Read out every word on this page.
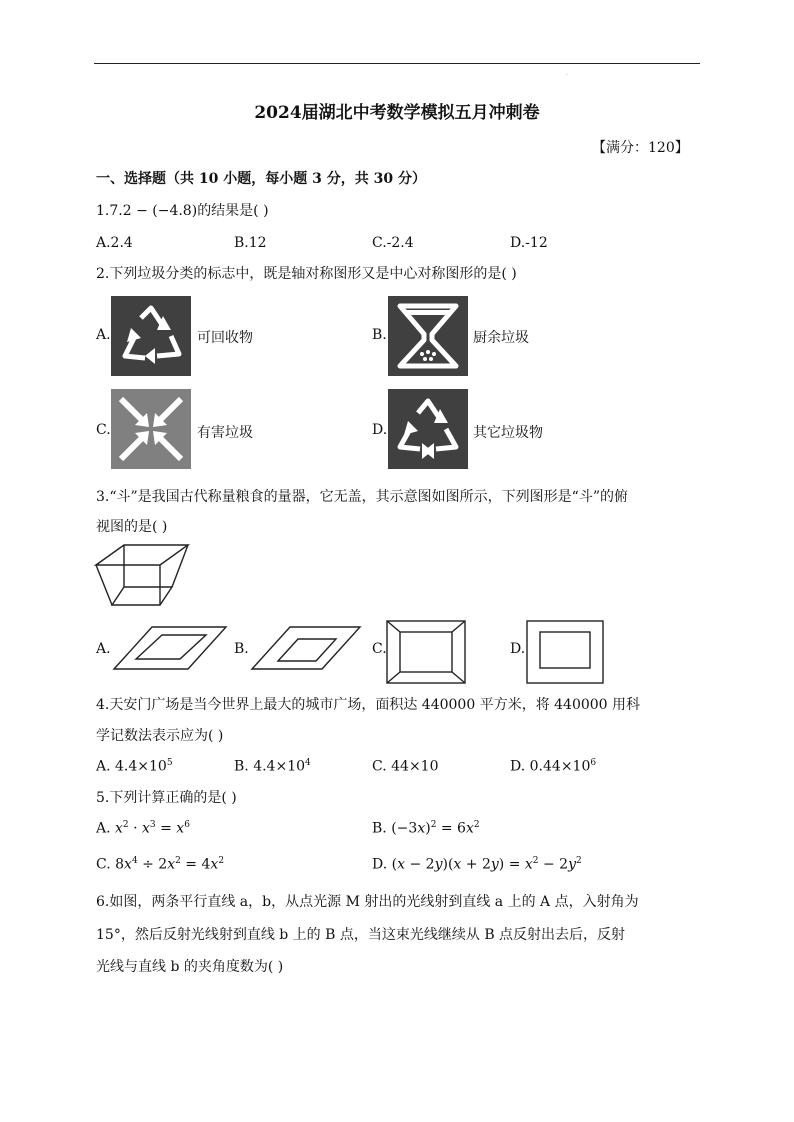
.
2024届湖北中考数学模拟五月冲刺卷
【满分：120】
一、选择题（共 10 小题，每小题 3 分，共 30 分）
1.7.2 − (−4.8)的结果是( )
A.2.4	B.12	C.-2.4	D.-12
2.下列垃圾分类的标志中，既是轴对称图形又是中心对称图形的是( )
A.	可回收物	B.	厨余垃圾
C.	有害垃圾	D.	其它垃圾物
3.“斗”是我国古代称量粮食的量器，它无盖，其示意图如图所示，下列图形是“斗”的俯
视图的是( )
A.	B.	C.	D.
4.天安门广场是当今世界上最大的城市广场，面积达 440000 平方米，将 440000 用科
学记数法表示应为( )
A. $4.4\times 10^5$	B. $4.4\times 10^4$	C. 44×10	D. $0.44\times 10^6$
5.下列计算正确的是( )
A. $x^2 \cdot x^3 = x^6$	B. $(-3x)^2 = 6x^2$
C. $8x^4 \div 2x^2 = 4x^2$	D. $(x - 2y)(x + 2y) = x^2 - 2y^2$
6.如图，两条平行直线 a，b，从点光源 M 射出的光线射到直线 a 上的 A 点，入射角为
15°，然后反射光线射到直线 b 上的 B 点，当这束光线继续从 B 点反射出去后，反射
光线与直线 b 的夹角度数为( )
